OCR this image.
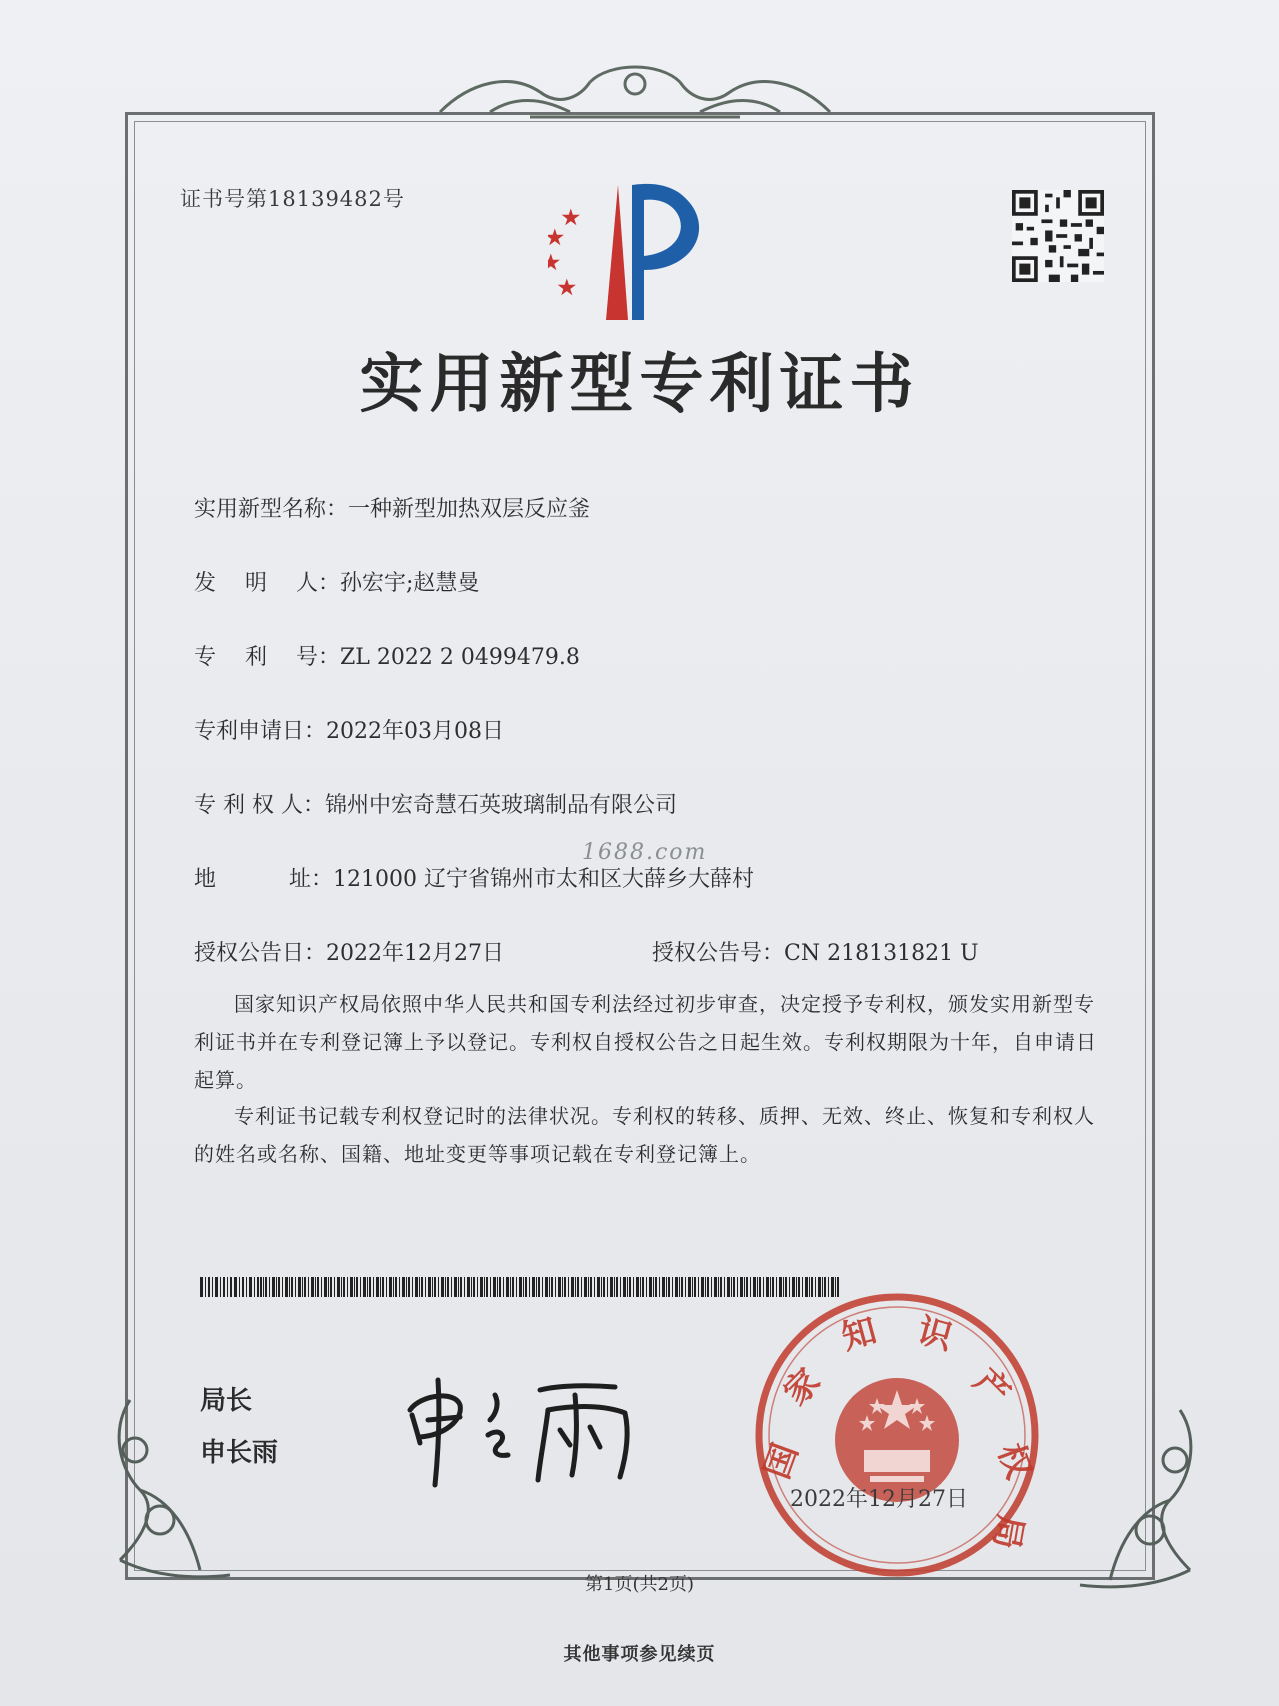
证书号第18139482号
实用新型专利证书
实用新型名称：一种新型加热双层反应釜
发　 明　 人：孙宏宇;赵慧曼
专　 利　 号：ZL 2022 2 0499479.8
专利申请日：2022年03月08日
专 利 权 人：锦州中宏奇慧石英玻璃制品有限公司
1688.com
地　　　 址：121000 辽宁省锦州市太和区大薛乡大薛村
授权公告日：2022年12月27日	授权公告号：CN 218131821 U
国家知识产权局依照中华人民共和国专利法经过初步审查，决定授予专利权，颁发实用新型专利证书并在专利登记簿上予以登记。专利权自授权公告之日起生效。专利权期限为十年，自申请日起算。
专利证书记载专利权登记时的法律状况。专利权的转移、质押、无效、终止、恢复和专利权人的姓名或名称、国籍、地址变更等事项记载在专利登记簿上。
局长
申长雨	国
家
知 识
产
权
局
2022年12月27日
第1页(共2页)
其他事项参见续页
